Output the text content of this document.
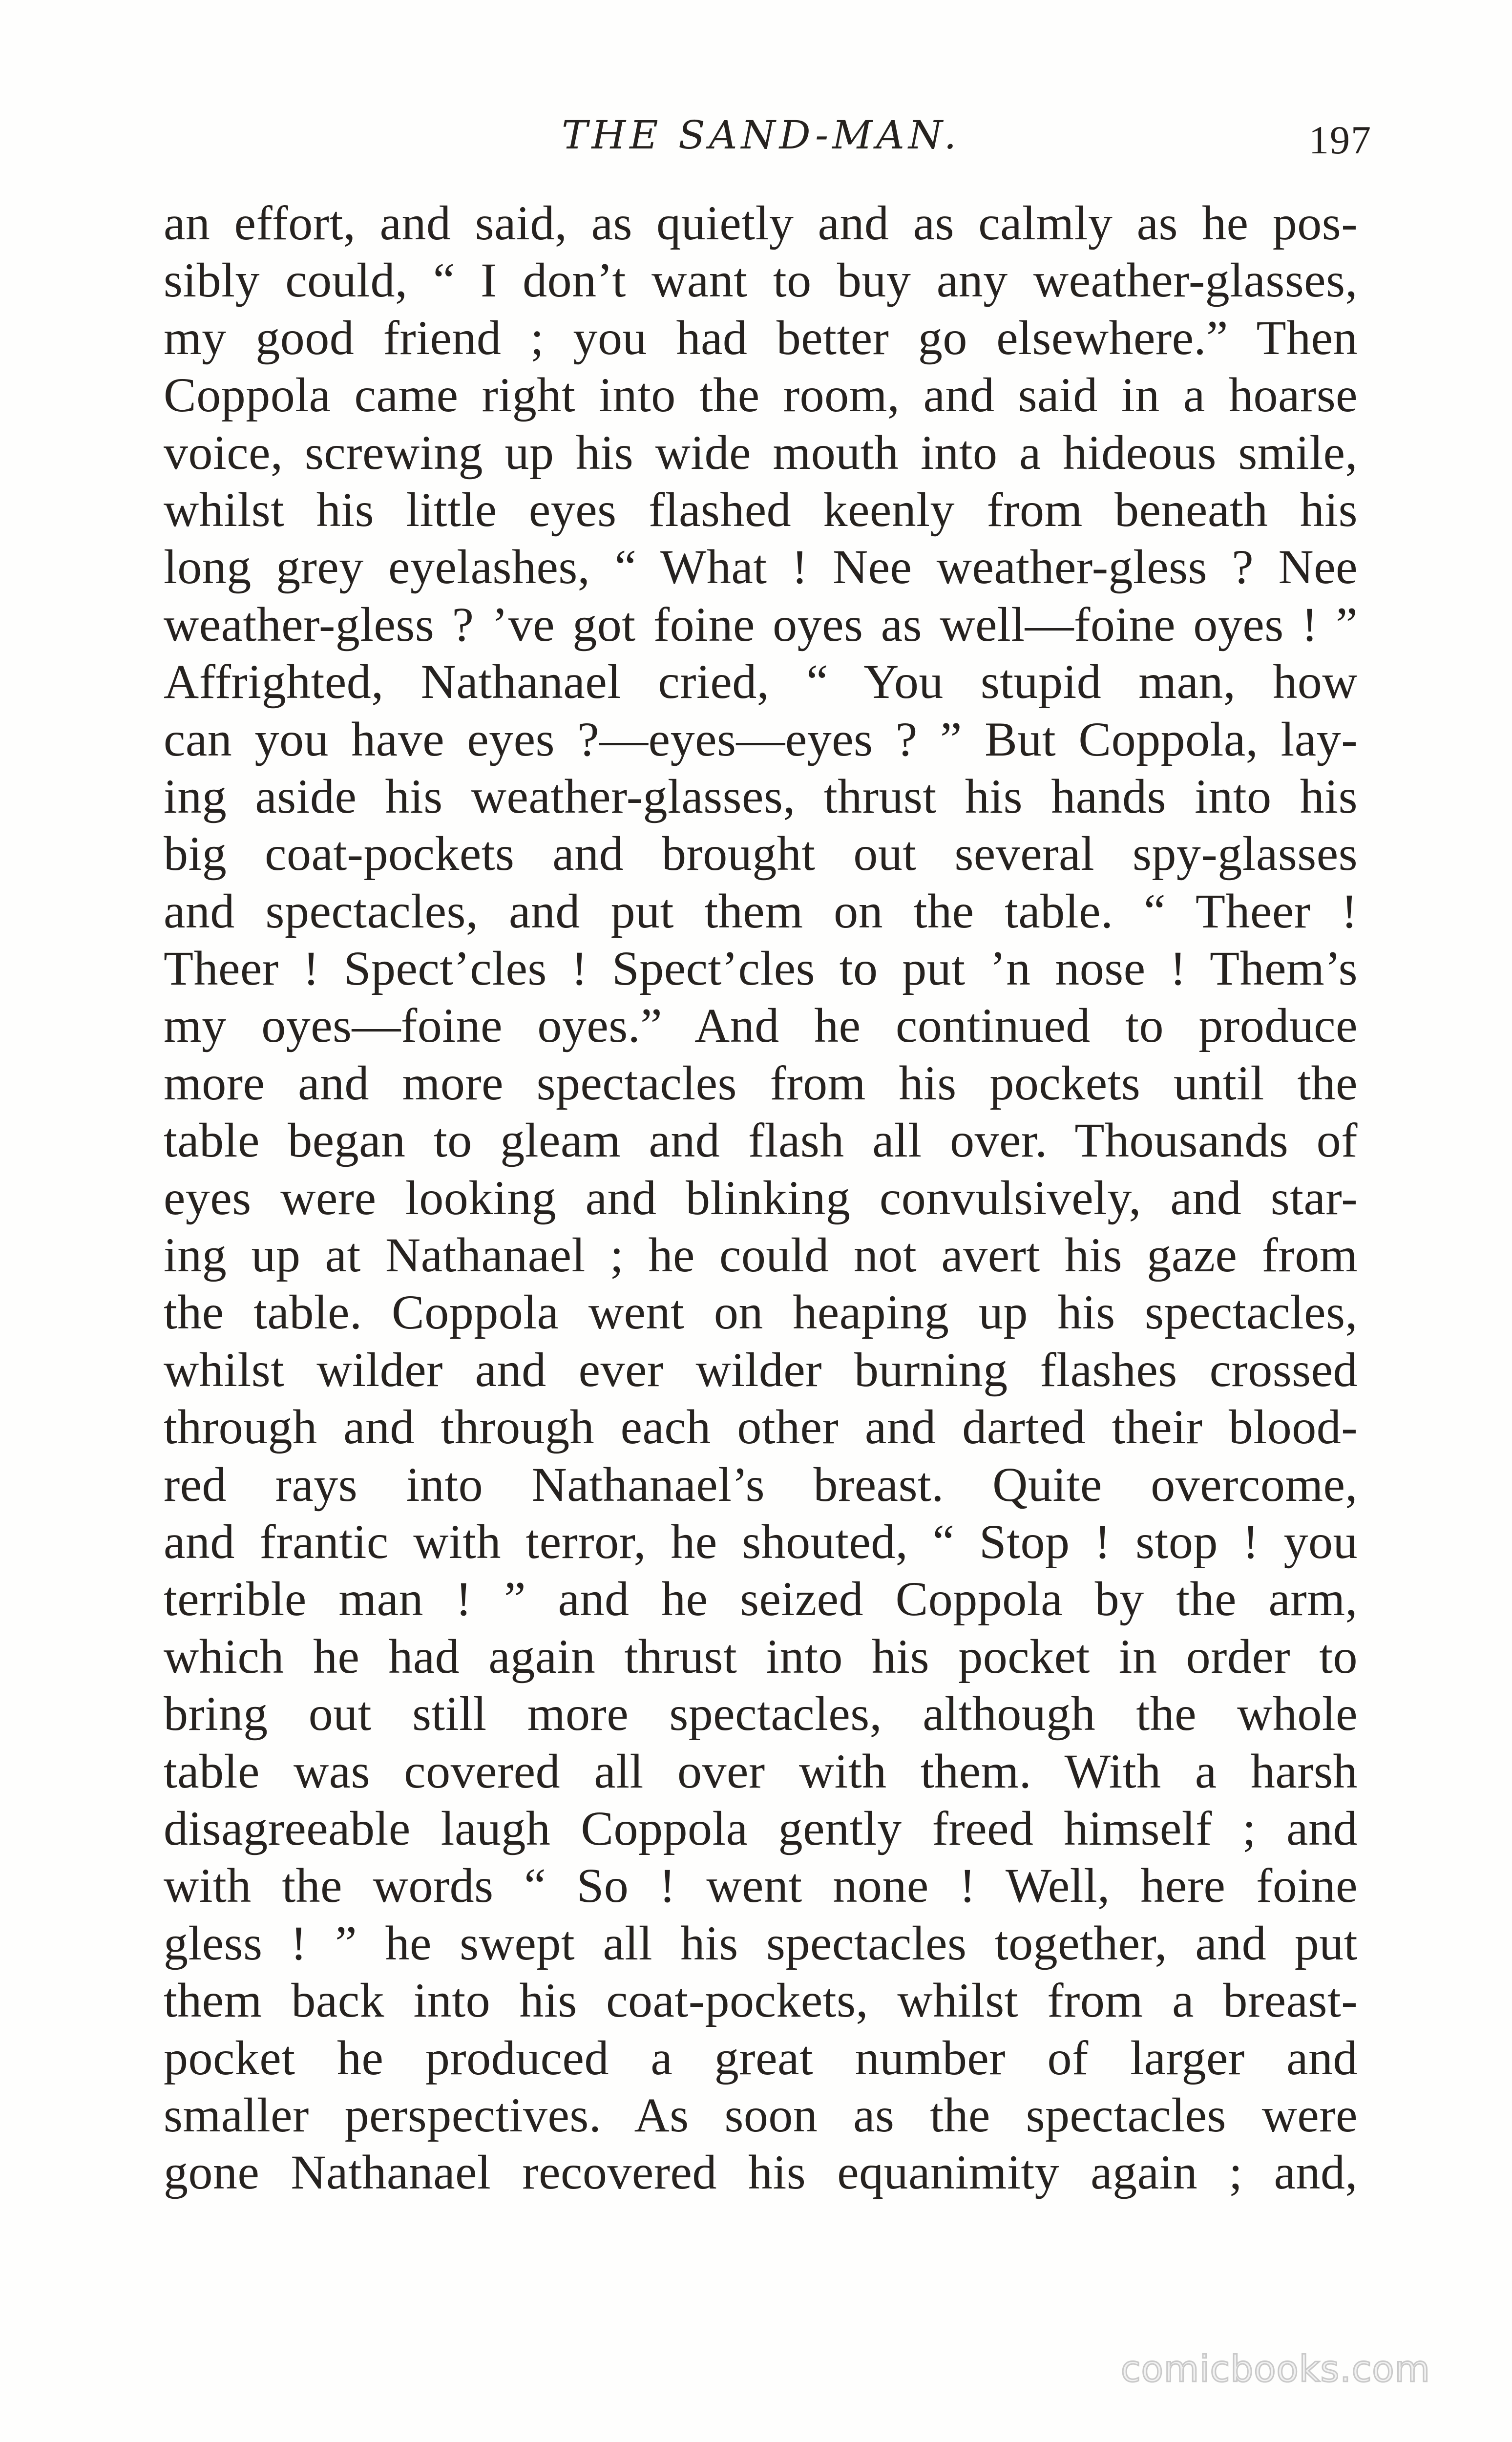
THE SAND-MAN.	197
an effort, and said, as quietly and as calmly as he pos-
sibly could, “ I don’t want to buy any weather-glasses,
my good friend ; you had better go elsewhere.” Then
Coppola came right into the room, and said in a hoarse
voice, screwing up his wide mouth into a hideous smile,
whilst his little eyes flashed keenly from beneath his
long grey eyelashes, “ What ! Nee weather-gless ? Nee
weather-gless ? ’ve got foine oyes as well—foine oyes ! ”
Affrighted, Nathanael cried, “ You stupid man, how
can you have eyes ?—eyes—eyes ? ” But Coppola, lay-
ing aside his weather-glasses, thrust his hands into his
big coat-pockets and brought out several spy-glasses
and spectacles, and put them on the table. “ Theer !
Theer ! Spect’cles ! Spect’cles to put ’n nose ! Them’s
my oyes—foine oyes.” And he continued to produce
more and more spectacles from his pockets until the
table began to gleam and flash all over. Thousands of
eyes were looking and blinking convulsively, and star-
ing up at Nathanael ; he could not avert his gaze from
the table. Coppola went on heaping up his spectacles,
whilst wilder and ever wilder burning flashes crossed
through and through each other and darted their blood-
red rays into Nathanael’s breast. Quite overcome,
and frantic with terror, he shouted, “ Stop ! stop ! you
terrible man ! ” and he seized Coppola by the arm,
which he had again thrust into his pocket in order to
bring out still more spectacles, although the whole
table was covered all over with them. With a harsh
disagreeable laugh Coppola gently freed himself ; and
with the words “ So ! went none ! Well, here foine
gless ! ” he swept all his spectacles together, and put
them back into his coat-pockets, whilst from a breast-
pocket he produced a great number of larger and
smaller perspectives. As soon as the spectacles were
gone Nathanael recovered his equanimity again ; and,
comicbooks.com
